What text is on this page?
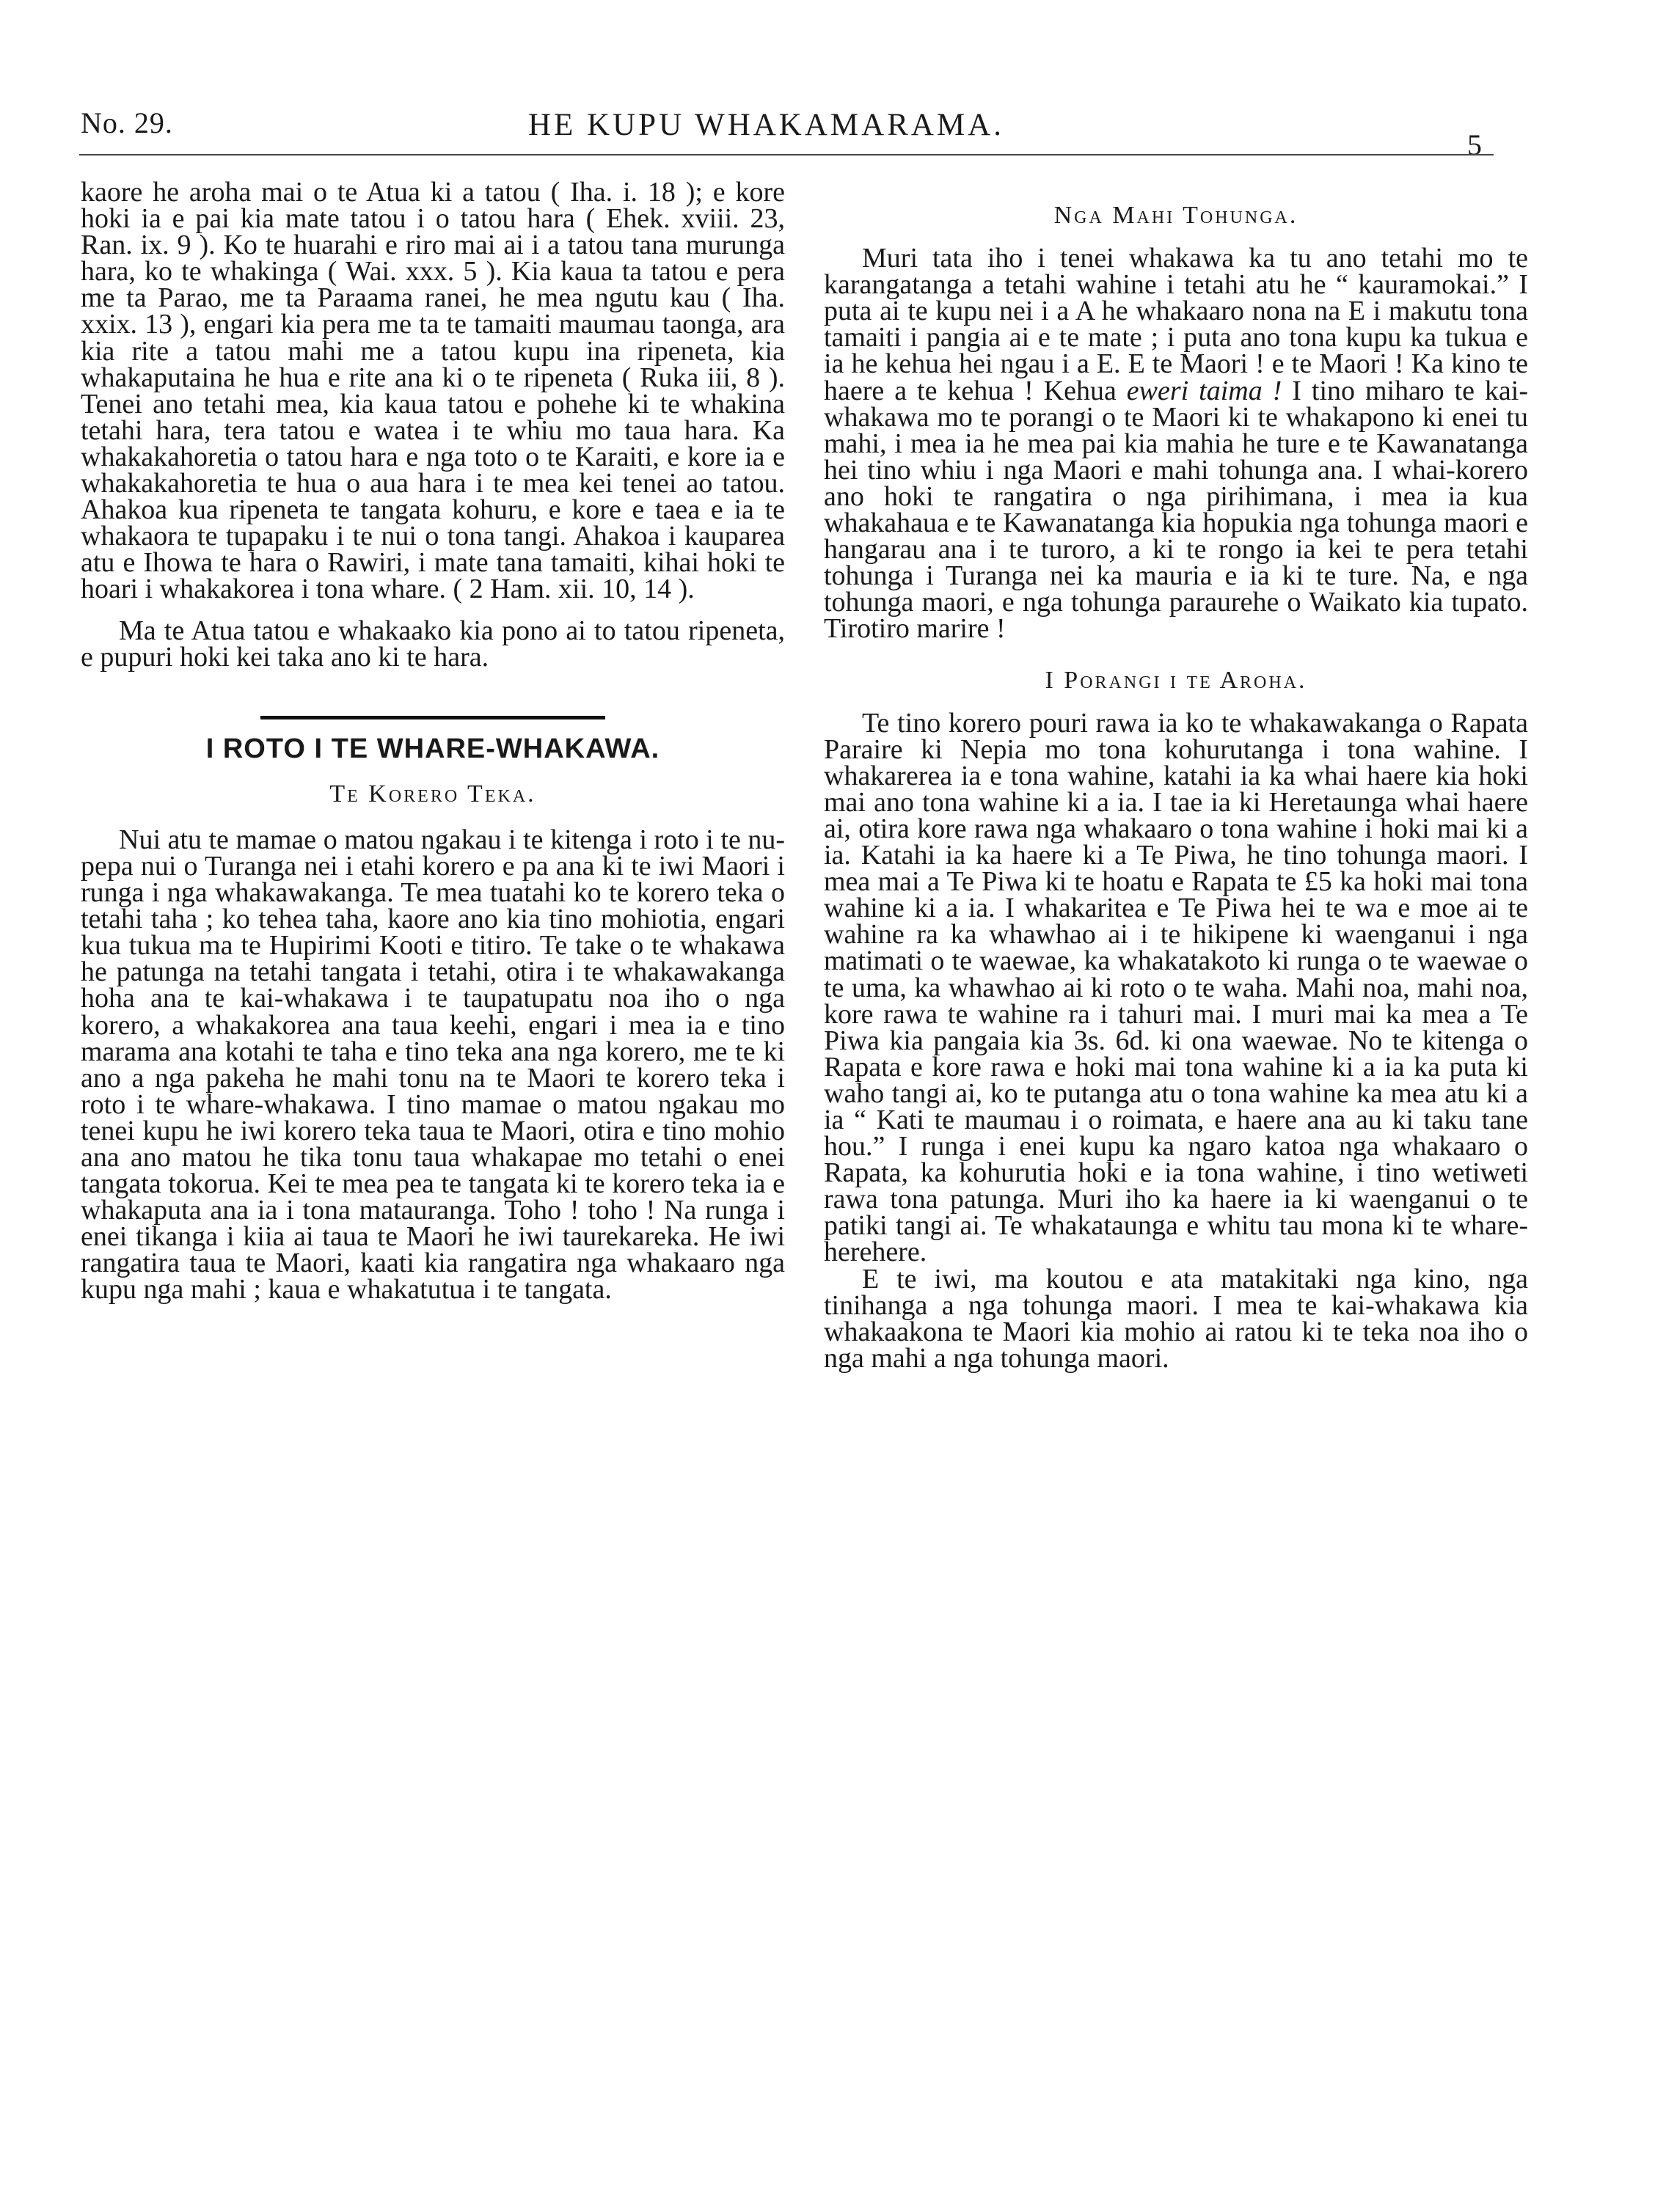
No. 29.	HE KUPU WHAKAMARAMA.
5

kaore he aroha mai o te Atua ki a tatou ( Iha. i. 18 ); e kore hoki ia e pai kia mate tatou i o tatou hara ( Ehek. xviii. 23, Ran. ix. 9 ). Ko te huarahi e riro mai ai i a tatou tana murunga hara, ko te whakinga ( Wai. xxx. 5 ). Kia kaua ta tatou e pera me ta Parao, me ta Paraama ranei, he mea ngutu kau ( Iha. xxix. 13 ), engari kia pera me ta te tamaiti maumau taonga, ara kia rite a tatou mahi me a tatou kupu ina ripeneta, kia whakaputaina he hua e rite ana ki o te ripeneta ( Ruka iii, 8 ). Tenei ano tetahi mea, kia kaua tatou e pohehe ki te whakina tetahi hara, tera tatou e watea i te whiu mo taua hara. Ka whakakahoretia o tatou hara e nga toto o te Karaiti, e kore ia e whakakahoretia te hua o aua hara i te mea kei tenei ao tatou. Ahakoa kua ripeneta te tangata kohuru, e kore e taea e ia te whakaora te tupapaku i te nui o tona tangi. Ahakoa i kauparea atu e Ihowa te hara o Rawiri, i mate tana tamaiti, kihai hoki te hoari i whakakorea i tona whare. ( 2 Ham. xii. 10, 14 ).

Ma te Atua tatou e whakaako kia pono ai to tatou ripeneta, e pupuri hoki kei taka ano ki te hara.

I ROTO I TE WHARE-WHAKAWA.

Te Korero Teka.

Nui atu te mamae o matou ngakau i te kitenga i roto i te nu-pepa nui o Turanga nei i etahi korero e pa ana ki te iwi Maori i runga i nga whakawakanga. Te mea tuatahi ko te korero teka o tetahi taha ; ko tehea taha, kaore ano kia tino mohiotia, engari kua tukua ma te Hupirimi Kooti e titiro. Te take o te whakawa he patunga na tetahi tangata i tetahi, otira i te whakawakanga hoha ana te kai-whakawa i te taupatupatu noa iho o nga korero, a whakakorea ana taua keehi, engari i mea ia e tino marama ana kotahi te taha e tino teka ana nga korero, me te ki ano a nga pakeha he mahi tonu na te Maori te korero teka i roto i te whare-whakawa. I tino mamae o matou ngakau mo tenei kupu he iwi korero teka taua te Maori, otira e tino mohio ana ano matou he tika tonu taua whakapae mo tetahi o enei tangata tokorua. Kei te mea pea te tangata ki te korero teka ia e whakaputa ana ia i tona matauranga. Toho ! toho ! Na runga i enei tikanga i kiia ai taua te Maori he iwi taurekareka. He iwi rangatira taua te Maori, kaati kia rangatira nga whakaaro nga kupu nga mahi ; kaua e whakatutua i te tangata.

Nga Mahi Tohunga.

Muri tata iho i tenei whakawa ka tu ano tetahi mo te karangatanga a tetahi wahine i tetahi atu he “ kauramokai.” I puta ai te kupu nei i a A he whakaaro nona na E i makutu tona tamaiti i pangia ai e te mate ; i puta ano tona kupu ka tukua e ia he kehua hei ngau i a E. E te Maori ! e te Maori ! Ka kino te haere a te kehua ! Kehua eweri taima ! I tino miharo te kai-whakawa mo te porangi o te Maori ki te whakapono ki enei tu mahi, i mea ia he mea pai kia mahia he ture e te Kawanatanga hei tino whiu i nga Maori e mahi tohunga ana. I whai-korero ano hoki te rangatira o nga pirihimana, i mea ia kua whakahaua e te Kawanatanga kia hopukia nga tohunga maori e hangarau ana i te turoro, a ki te rongo ia kei te pera tetahi tohunga i Turanga nei ka mauria e ia ki te ture. Na, e nga tohunga maori, e nga tohunga paraurehe o Waikato kia tupato. Tirotiro marire !

I Porangi i te Aroha.

Te tino korero pouri rawa ia ko te whakawakanga o Rapata Paraire ki Nepia mo tona kohurutanga i tona wahine. I whakarerea ia e tona wahine, katahi ia ka whai haere kia hoki mai ano tona wahine ki a ia. I tae ia ki Heretaunga whai haere ai, otira kore rawa nga whakaaro o tona wahine i hoki mai ki a ia. Katahi ia ka haere ki a Te Piwa, he tino tohunga maori. I mea mai a Te Piwa ki te hoatu e Rapata te £5 ka hoki mai tona wahine ki a ia. I whakaritea e Te Piwa hei te wa e moe ai te wahine ra ka whawhao ai i te hikipene ki waenganui i nga matimati o te waewae, ka whakatakoto ki runga o te waewae o te uma, ka whawhao ai ki roto o te waha. Mahi noa, mahi noa, kore rawa te wahine ra i tahuri mai. I muri mai ka mea a Te Piwa kia pangaia kia 3s. 6d. ki ona waewae. No te kitenga o Rapata e kore rawa e hoki mai tona wahine ki a ia ka puta ki waho tangi ai, ko te putanga atu o tona wahine ka mea atu ki a ia “ Kati te maumau i o roimata, e haere ana au ki taku tane hou.” I runga i enei kupu ka ngaro katoa nga whakaaro o Rapata, ka kohurutia hoki e ia tona wahine, i tino wetiweti rawa tona patunga. Muri iho ka haere ia ki waenganui o te patiki tangi ai. Te whakataunga e whitu tau mona ki te whare-herehere.

E te iwi, ma koutou e ata matakitaki nga kino, nga tinihanga a nga tohunga maori. I mea te kai-whakawa kia whakaakona te Maori kia mohio ai ratou ki te teka noa iho o nga mahi a nga tohunga maori.
